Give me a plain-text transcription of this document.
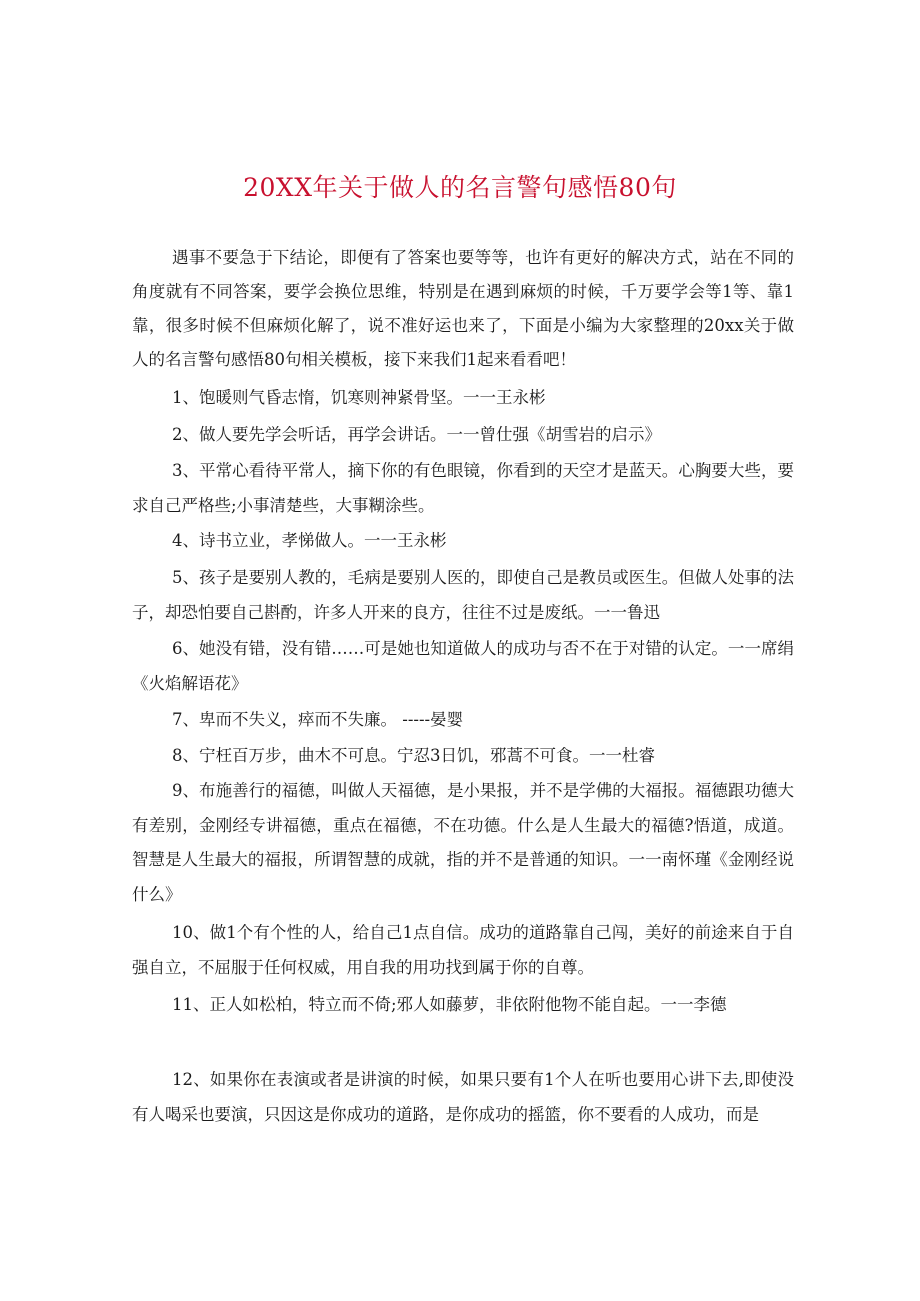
20XX年关于做人的名言警句感悟80句

遇事不要急于下结论，即便有了答案也要等等，也许有更好的解决方式，站在不同的角度就有不同答案，要学会换位思维，特别是在遇到麻烦的时候，千万要学会等1等、靠1靠，很多时候不但麻烦化解了，说不准好运也来了，下面是小编为大家整理的20xx关于做人的名言警句感悟80句相关模板，接下来我们1起来看看吧！

1、饱暖则气昏志惰，饥寒则神紧骨坚。一一王永彬

2、做人要先学会听话，再学会讲话。一一曾仕强《胡雪岩的启示》

3、平常心看待平常人，摘下你的有色眼镜，你看到的天空才是蓝天。心胸要大些，要求自己严格些;小事清楚些，大事糊涂些。

4、诗书立业，孝悌做人。一一王永彬

5、孩子是要别人教的，毛病是要别人医的，即使自己是教员或医生。但做人处事的法子，却恐怕要自己斟酌，许多人开来的良方，往往不过是废纸。一一鲁迅

6、她没有错，没有错……可是她也知道做人的成功与否不在于对错的认定。一一席绢《火焰解语花》

7、卑而不失义，瘁而不失廉。 -----晏婴

8、宁枉百万步，曲木不可息。宁忍3日饥，邪蒿不可食。一一杜睿

9、布施善行的福德，叫做人天福德，是小果报，并不是学佛的大福报。福德跟功德大有差别，金刚经专讲福德，重点在福德，不在功德。什么是人生最大的福德?悟道，成道。智慧是人生最大的福报，所谓智慧的成就，指的并不是普通的知识。一一南怀瑾《金刚经说什么》

10、做1个有个性的人，给自己1点自信。成功的道路靠自己闯，美好的前途来自于自强自立，不屈服于任何权威，用自我的用功找到属于你的自尊。

11、正人如松柏，特立而不倚;邪人如藤萝，非依附他物不能自起。一一李德

12、如果你在表演或者是讲演的时候，如果只要有1个人在听也要用心讲下去,即使没有人喝采也要演，只因这是你成功的道路，是你成功的摇篮，你不要看的人成功，而是
